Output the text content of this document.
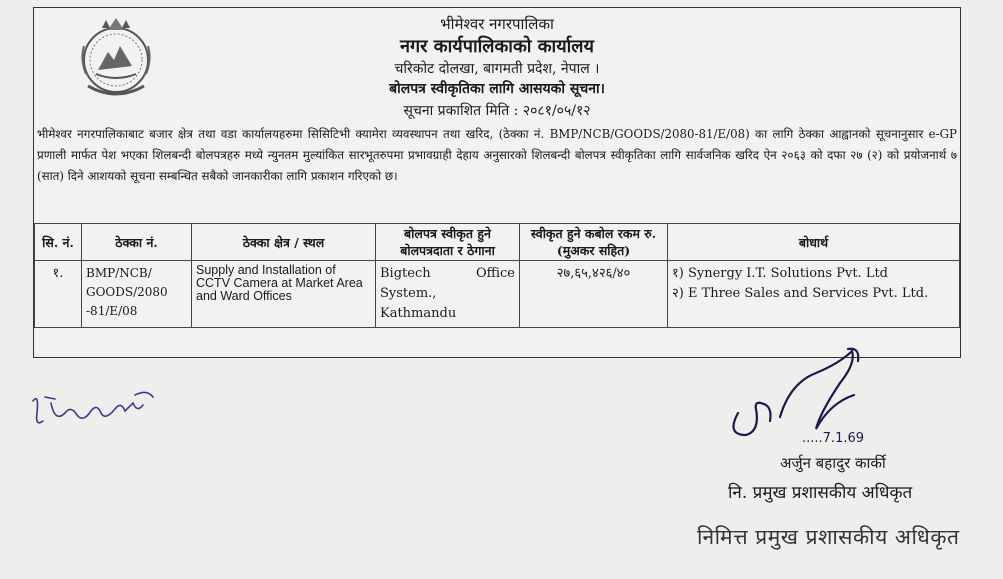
भीमेश्वर नगरपालिका
नगर कार्यपालिकाको कार्यालय
चरिकोट दोलखा, बागमती प्रदेश, नेपाल ।
बोलपत्र स्वीकृतिका लागि आसयको सूचना।
सूचना प्रकाशित मिति : २०८१/०५/१२
भीमेश्वर नगरपालिकाबाट बजार क्षेत्र तथा वडा कार्यालयहरुमा सिसिटिभी क्यामेरा व्यवस्थापन तथा खरिद, (ठेक्का नं. BMP/NCB/GOODS/2080-81/E/08) का लागि ठेक्का आह्वानको सूचनानुसार e-GP प्रणाली मार्फत पेश भएका शिलबन्दी बोलपत्रहरु मध्ये न्युनतम मुल्यांकित सारभूतरुपमा प्रभावग्राही देहाय अनुसारको शिलबन्दी बोलपत्र स्वीकृतिका लागि सार्वजनिक खरिद ऐन २०६३ को दफा २७ (२) को प्रयोजनार्थ ७ (सात) दिने आशयको सूचना सम्बन्धित सबैको जानकारीका लागि प्रकाशन गरिएको छ।
सि. नं.	ठेक्का नं.	ठेक्का क्षेत्र / स्थल	बोलपत्र स्वीकृत हुने बोलपत्रदाता र ठेगाना	स्वीकृत हुने कबोल रकम रु. (मुअकर सहित)	बोधार्थ
१.	BMP/NCB/ GOODS/2080 -81/E/08	Supply and Installation of CCTV Camera at Market Area and Ward Offices	Bigtech Office System., Kathmandu	२७,६५,४२६/४०	१) Synergy I.T. Solutions Pvt. Ltd
२) E Three Sales and Services Pvt. Ltd.
.....7.1.69
अर्जुन बहादुर कार्की
नि. प्रमुख प्रशासकीय अधिकृत
निमित्त प्रमुख प्रशासकीय अधिकृत
